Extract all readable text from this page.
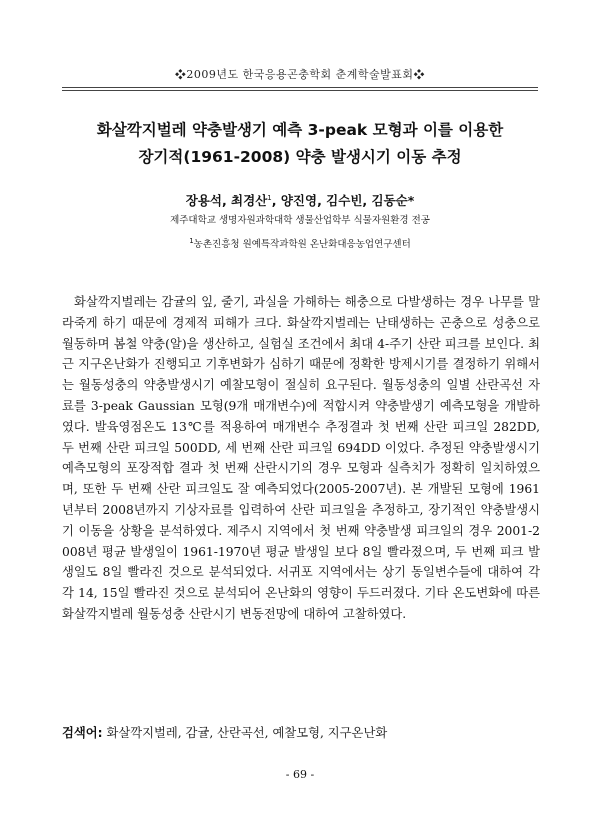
❖2009년도 한국응용곤충학회 춘계학술발표회❖
화살깍지벌레 약충발생기 예측 3-peak 모형과 이를 이용한
장기적(1961-2008) 약충 발생시기 이동 추정
장용석, 최경산$^1$, 양진영, 김수빈, 김동순*
제주대학교 생명자원과학대학 생물산업학부 식물자원환경 전공
$^1$농촌진흥청 원예특작과학원 온난화대응농업연구센터
화살깍지벌레는 감귤의 잎, 줄기, 과실을 가해하는 해충으로 다발생하는 경우 나무를 말라죽게 하기 때문에 경제적 피해가 크다. 화살깍지벌레는 난태생하는 곤충으로 성충으로 월동하며 봄철 약충(알)을 생산하고, 실험실 조건에서 최대 4-주기 산란 피크를 보인다. 최근 지구온난화가 진행되고 기후변화가 심하기 때문에 정확한 방제시기를 결정하기 위해서는 월동성충의 약충발생시기 예찰모형이 절실히 요구된다. 월동성충의 일별 산란곡선 자료를 3-peak Gaussian 모형(9개 매개변수)에 적합시켜 약충발생기 예측모형을 개발하였다. 발육영점온도 13℃를 적용하여 매개변수 추정결과 첫 번째 산란 피크일 282DD, 두 번째 산란 피크일 500DD, 세 번째 산란 피크일 694DD 이었다. 추정된 약충발생시기 예측모형의 포장적합 결과 첫 번째 산란시기의 경우 모형과 실측치가 정확히 일치하였으며, 또한 두 번째 산란 피크일도 잘 예측되었다(2005-2007년). 본 개발된 모형에 1961년부터 2008년까지 기상자료를 입력하여 산란 피크일을 추정하고, 장기적인 약충발생시기 이동을 상황을 분석하였다. 제주시 지역에서 첫 번째 약충발생 피크일의 경우 2001-2008년 평균 발생일이 1961-1970년 평균 발생일 보다 8일 빨라졌으며, 두 번째 피크 발생일도 8일 빨라진 것으로 분석되었다. 서귀포 지역에서는 상기 동일변수들에 대하여 각각 14, 15일 빨라진 것으로 분석되어 온난화의 영향이 두드러졌다. 기타 온도변화에 따른 화살깍지벌레 월동성충 산란시기 변동전망에 대하여 고찰하였다.
검색어: 화살깍지벌레, 감귤, 산란곡선, 예찰모형, 지구온난화
- 69 -
